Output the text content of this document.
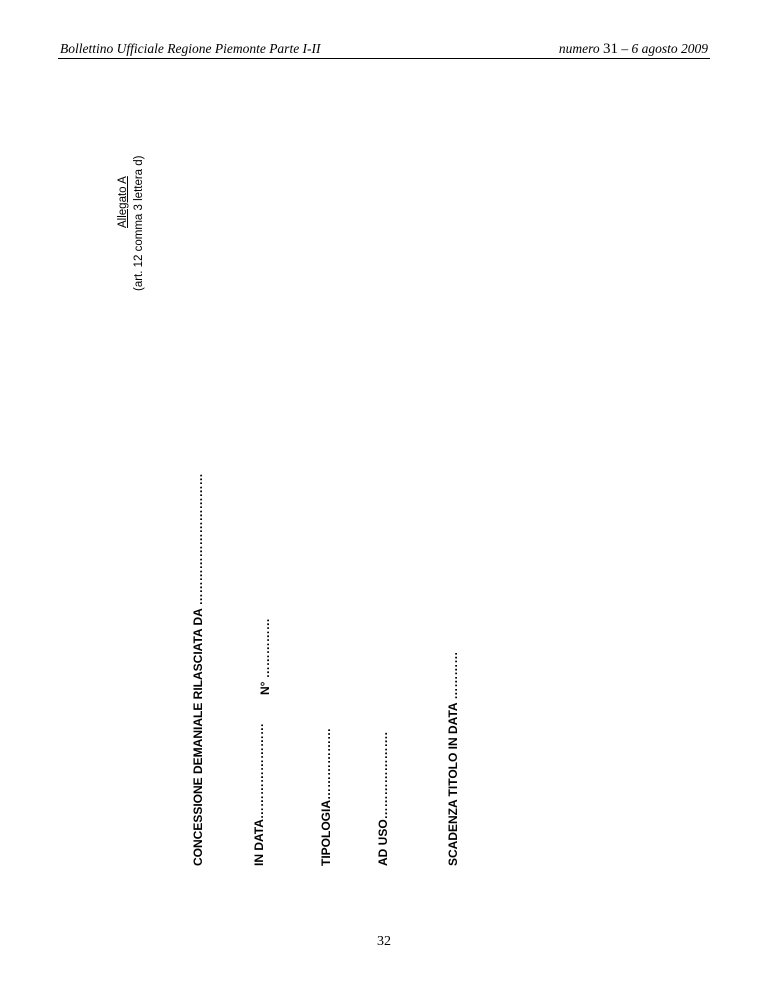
Bollettino Ufficiale Regione Piemonte Parte I-II	numero 31 – 6 agosto 2009
Allegato A (art. 12 comma 3 lettera d)
CONCESSIONE DEMANIALE RILASCIATA DA ……………………………	IN DATA……………………
N° ……………
TIPOLOGIA………………	AD USO………………….	SCADENZA TITOLO IN DATA …………
32
